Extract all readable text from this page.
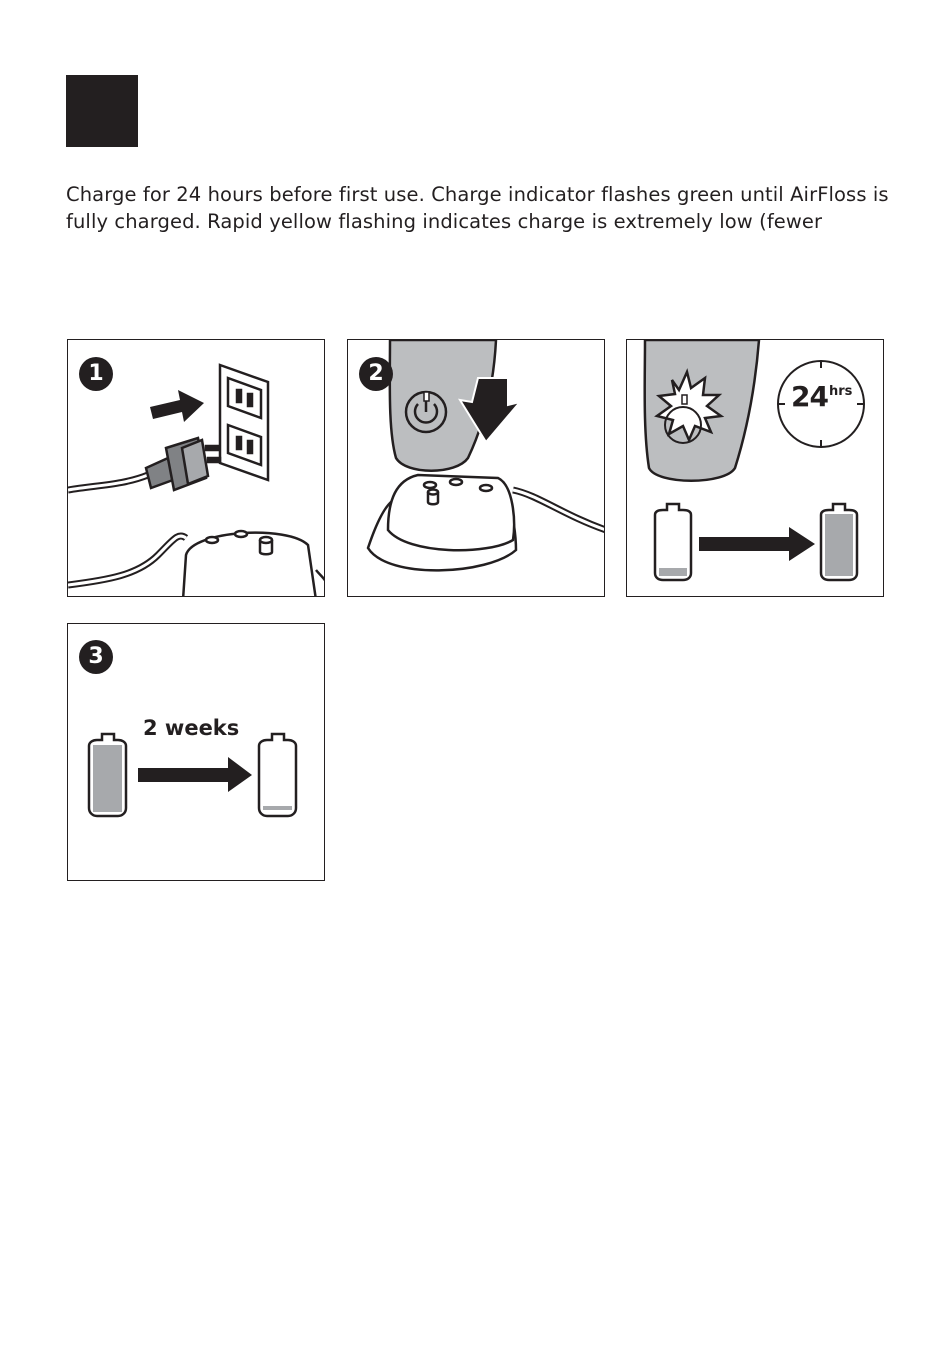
Charge for 24 hours before first use. Charge indicator flashes green until AirFloss is fully charged. Rapid yellow flashing indicates charge is extremely low (fewer

1	2
24 hrs
3
2 weeks
